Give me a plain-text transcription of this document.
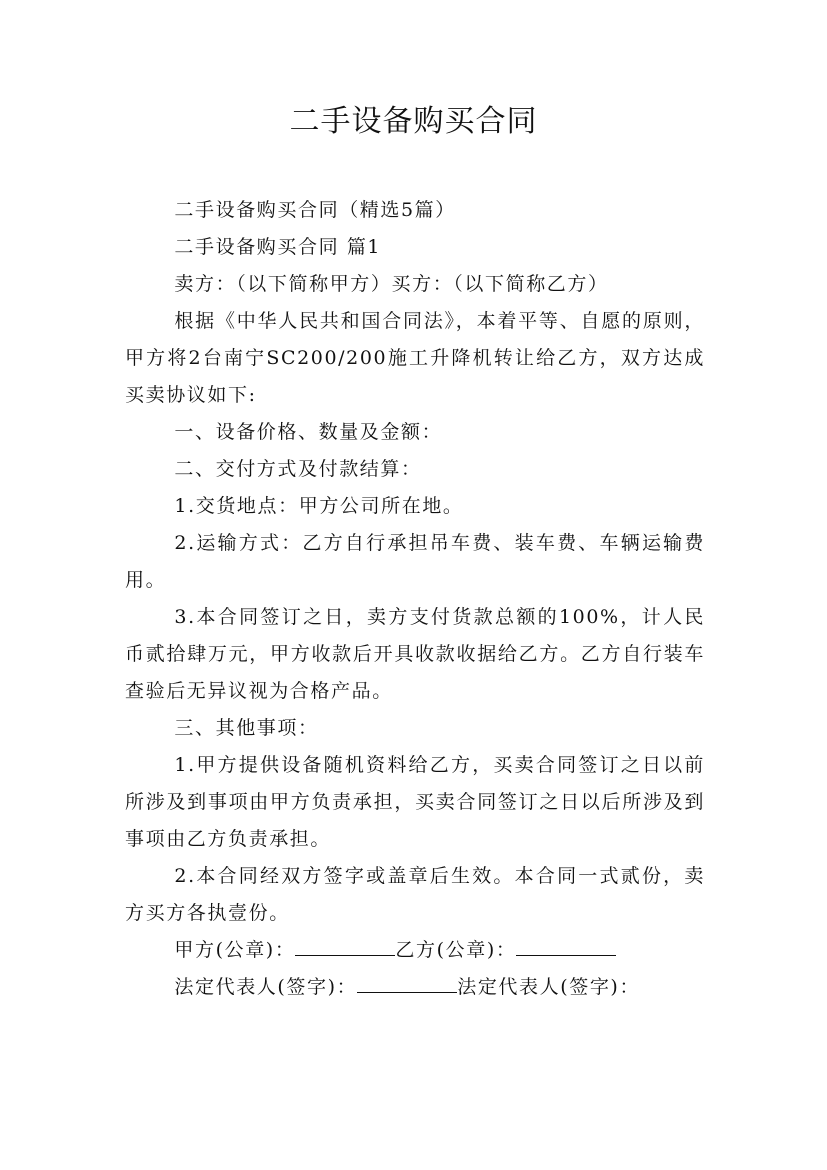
二手设备购买合同

二手设备购买合同（精选5篇）

二手设备购买合同 篇1

卖方：（以下简称甲方）买方：（以下简称乙方）

根据《中华人民共和国合同法》，本着平等、自愿的原则，甲方将2台南宁SC200/200施工升降机转让给乙方，双方达成买卖协议如下:

一、设备价格、数量及金额：

二、交付方式及付款结算：

1.交货地点：甲方公司所在地。

2.运输方式：乙方自行承担吊车费、装车费、车辆运输费用。

3.本合同签订之日，卖方支付货款总额的100%，计人民币贰拾肆万元，甲方收款后开具收款收据给乙方。乙方自行装车查验后无异议视为合格产品。

三、其他事项：

1.甲方提供设备随机资料给乙方，买卖合同签订之日以前所涉及到事项由甲方负责承担，买卖合同签订之日以后所涉及到事项由乙方负责承担。

2.本合同经双方签字或盖章后生效。本合同一式贰份，卖方买方各执壹份。

甲方(公章)：	乙方(公章)：
法定代表人(签字)：	法定代表人(签字)：
